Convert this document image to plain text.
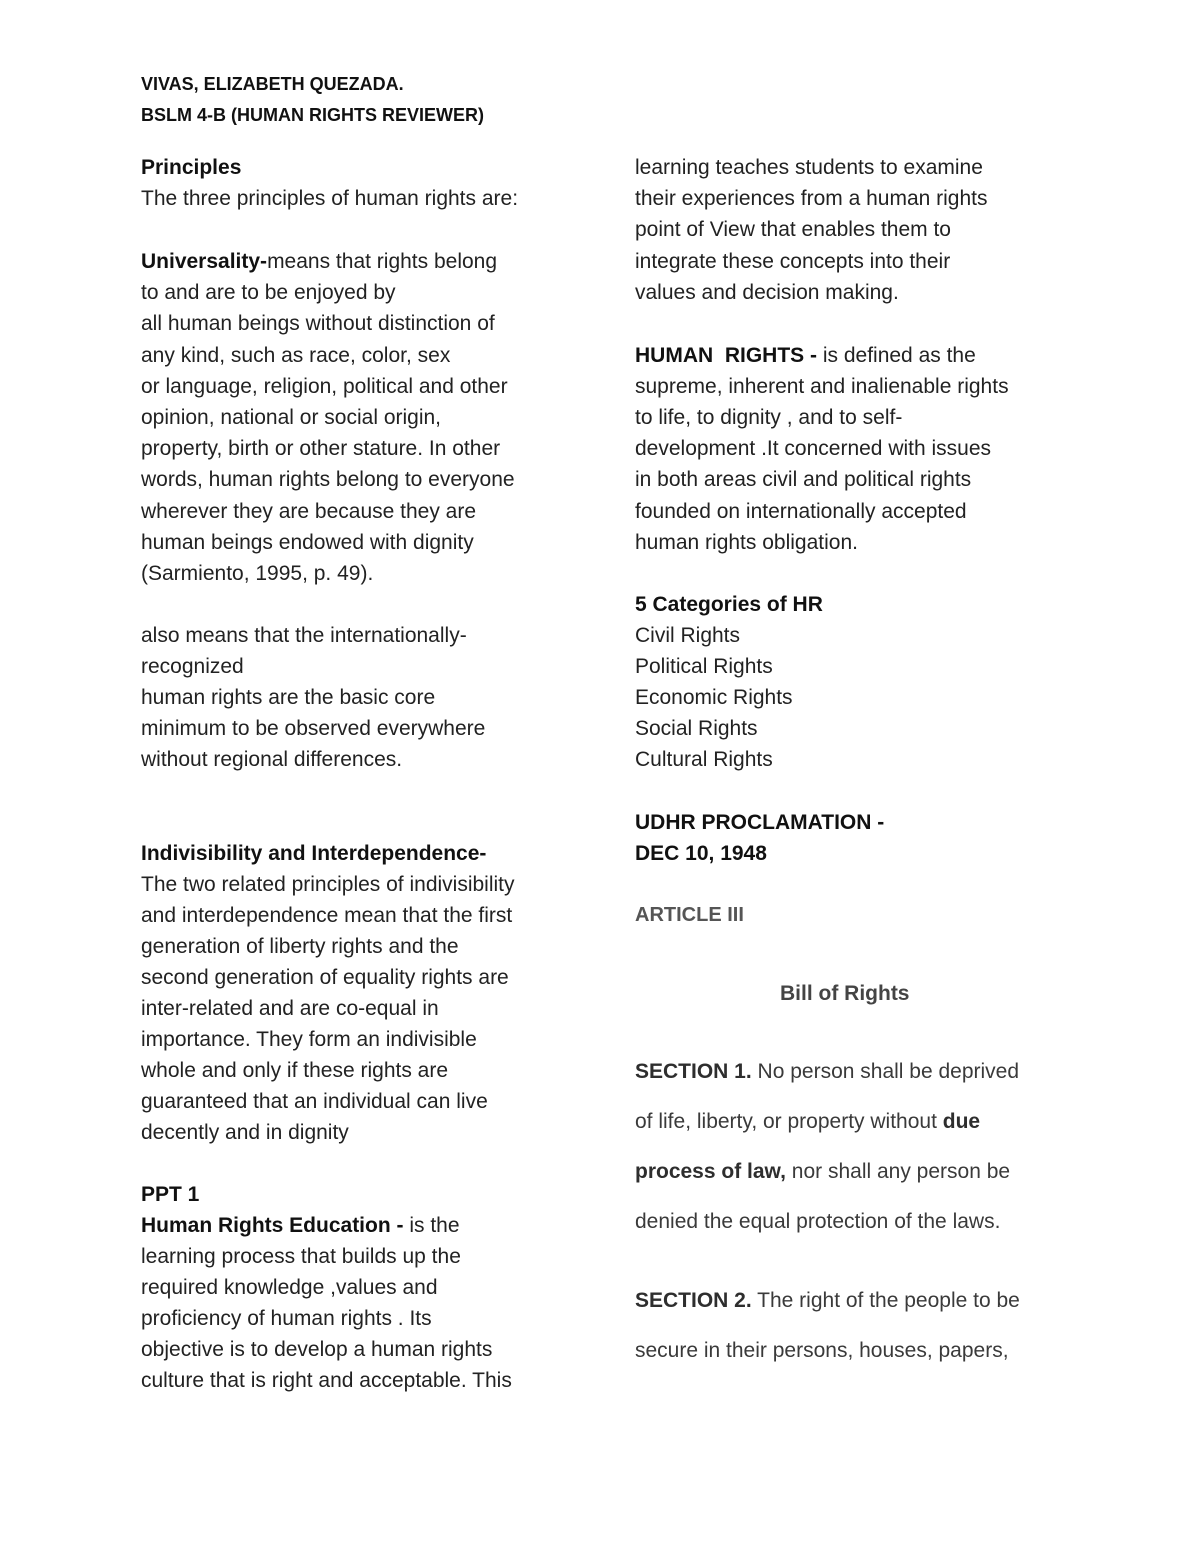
VIVAS, ELIZABETH QUEZADA.
BSLM 4-B (HUMAN RIGHTS REVIEWER)
Principles
The three principles of human rights are:
Universality-means that rights belong
to and are to be enjoyed by
all human beings without distinction of
any kind, such as race, color, sex
or language, religion, political and other
opinion, national or social origin,
property, birth or other stature. In other
words, human rights belong to everyone
wherever they are because they are
human beings endowed with dignity
(Sarmiento, 1995, p. 49).
also means that the internationally-
recognized
human rights are the basic core
minimum to be observed everywhere
without regional differences.
Indivisibility and Interdependence-
The two related principles of indivisibility
and interdependence mean that the first
generation of liberty rights and the
second generation of equality rights are
inter-related and are co-equal in
importance. They form an indivisible
whole and only if these rights are
guaranteed that an individual can live
decently and in dignity
PPT 1
Human Rights Education - is the
learning process that builds up the
required knowledge ,values and
proficiency of human rights . Its
objective is to develop a human rights
culture that is right and acceptable. This
learning teaches students to examine
their experiences from a human rights
point of View that enables them to
integrate these concepts into their
values and decision making.
HUMAN  RIGHTS - is defined as the
supreme, inherent and inalienable rights
to life, to dignity , and to self-
development .It concerned with issues
in both areas civil and political rights
founded on internationally accepted
human rights obligation.
5 Categories of HR
Civil Rights
Political Rights
Economic Rights
Social Rights
Cultural Rights
UDHR PROCLAMATION -
DEC 10, 1948
ARTICLE III
Bill of Rights
SECTION 1. No person shall be deprived
of life, liberty, or property without due
process of law, nor shall any person be
denied the equal protection of the laws.
SECTION 2. The right of the people to be
secure in their persons, houses, papers,
